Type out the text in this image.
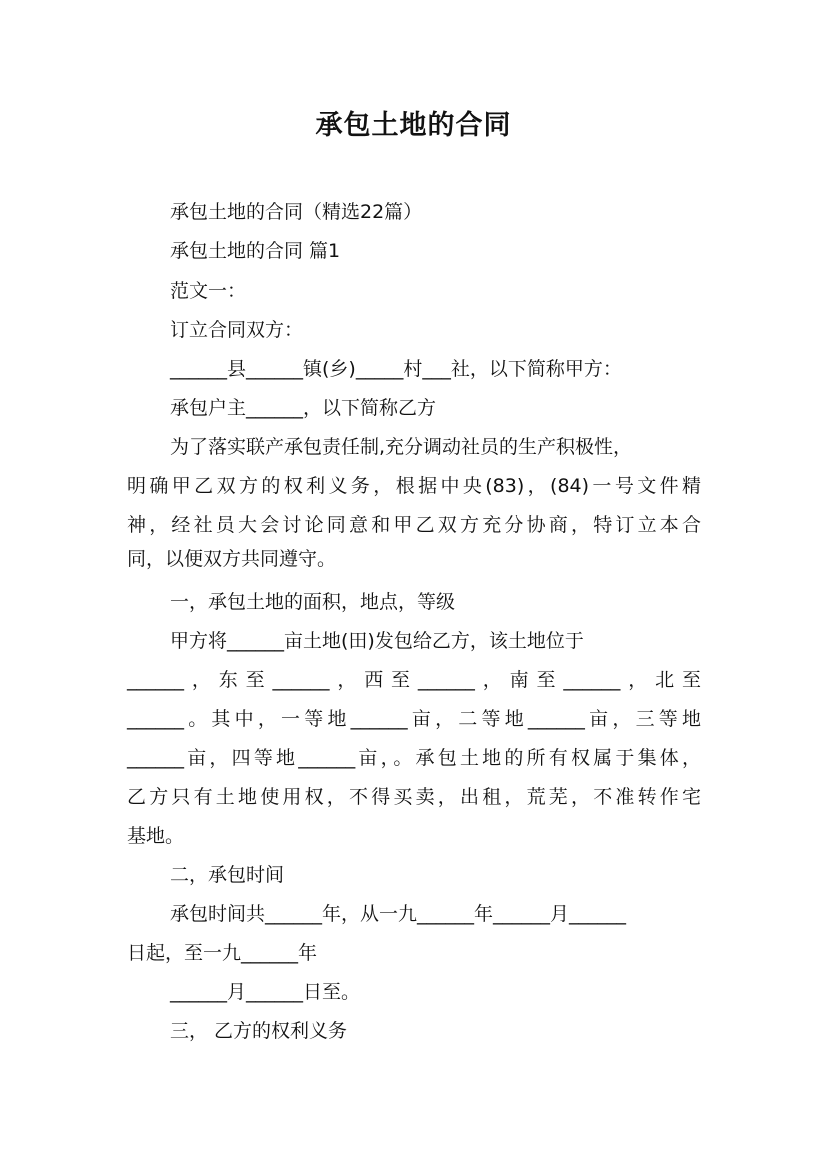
承包土地的合同
承包土地的合同（精选22篇）
承包土地的合同 篇1
范文一：
订立合同双方：
______县______镇(乡)_____村___社，以下简称甲方：
承包户主______，以下简称乙方
为了落实联产承包责任制,充分调动社员的生产积极性，
明确甲乙双方的权利义务，根据中央(83)，(84)一号文件精
神，经社员大会讨论同意和甲乙双方充分协商，特订立本合
同，以便双方共同遵守。
一，承包土地的面积，地点，等级
甲方将______亩土地(田)发包给乙方，该土地位于
______，东至______，西至______，南至______，北至
______。其中，一等地______亩，二等地______亩，三等地
______亩，四等地______亩，。承包土地的所有权属于集体，
乙方只有土地使用权，不得买卖，出租，荒芜，不准转作宅
基地。
二，承包时间
承包时间共______年，从一九______年______月______
日起，至一九______年
______月______日至。
三， 乙方的权利义务
